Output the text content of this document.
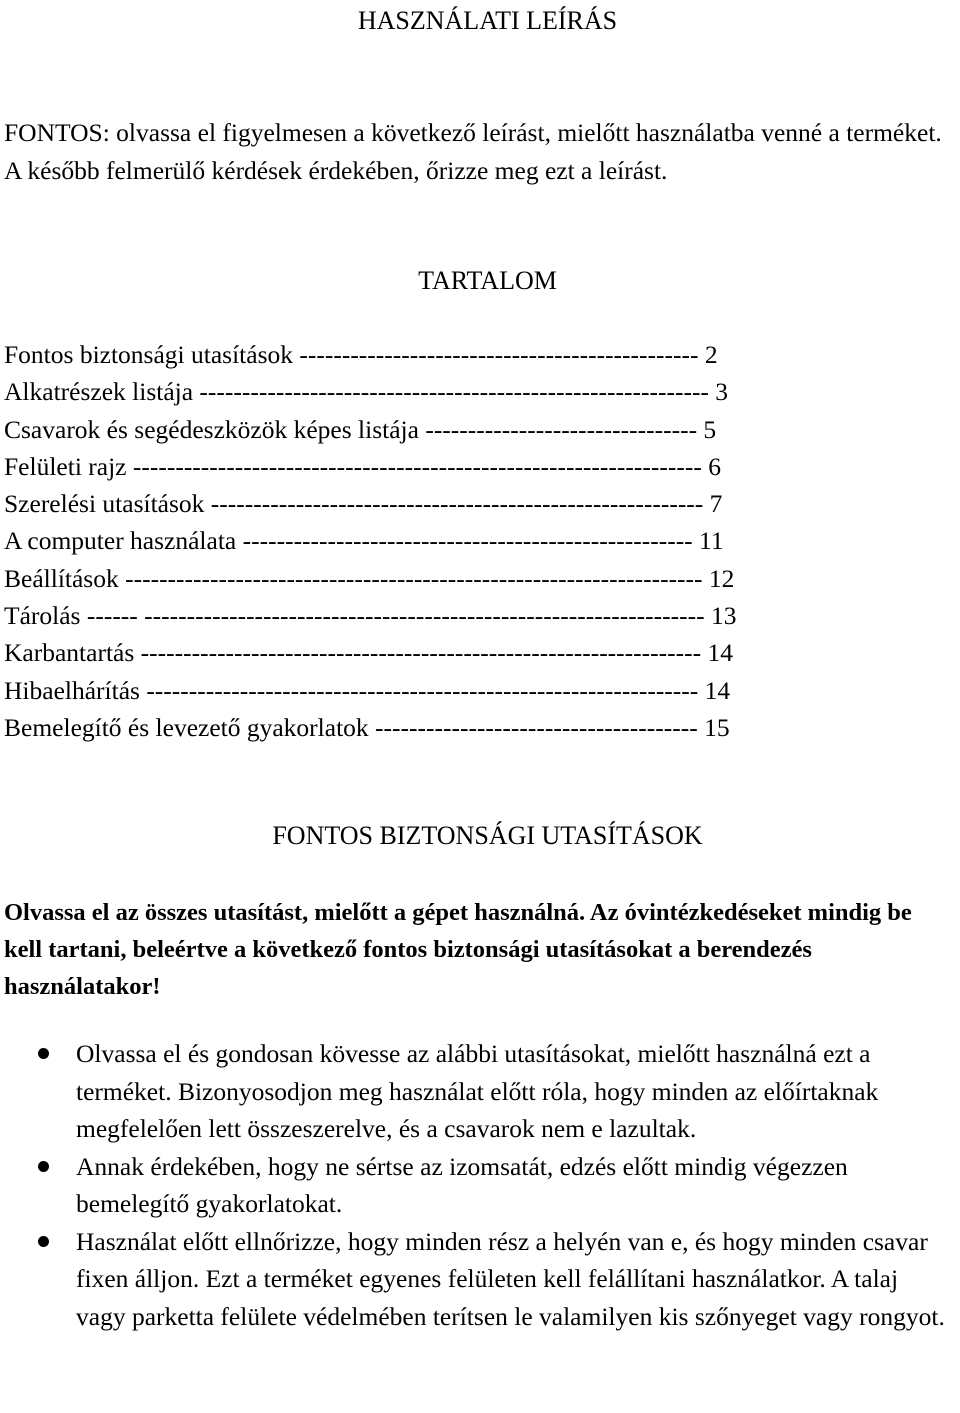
HASZNÁLATI LEÍRÁS
FONTOS: olvassa el figyelmesen a következő leírást, mielőtt használatba venné a terméket. A később felmerülő kérdések érdekében, őrizze meg ezt a leírást.
TARTALOM
Fontos biztonsági utasítások ----------------------------------------------- 2
Alkatrészek listája ------------------------------------------------------------ 3
Csavarok és segédeszközök képes listája -------------------------------- 5
Felületi rajz ------------------------------------------------------------------- 6
Szerelési utasítások ---------------------------------------------------------- 7
A computer használata ----------------------------------------------------- 11
Beállítások -------------------------------------------------------------------- 12
Tárolás ------ ------------------------------------------------------------------ 13
Karbantartás ------------------------------------------------------------------ 14
Hibaelhárítás ----------------------------------------------------------------- 14
Bemelegítő és levezető gyakorlatok -------------------------------------- 15
FONTOS BIZTONSÁGI UTASÍTÁSOK
Olvassa el az összes utasítást, mielőtt a gépet használná. Az óvintézkedéseket mindig be kell tartani, beleértve a következő fontos biztonsági utasításokat a berendezés használatakor!
Olvassa el és gondosan kövesse az alábbi utasításokat, mielőtt használná ezt a terméket. Bizonyosodjon meg használat előtt róla, hogy minden az előírtaknak megfelelően lett összeszerelve, és a csavarok nem e lazultak.
Annak érdekében, hogy ne sértse az izomsatát, edzés előtt mindig végezzen bemelegítő gyakorlatokat.
Használat előtt ellnőrizze, hogy minden rész a helyén van e, és hogy minden csavar fixen álljon. Ezt a terméket egyenes felületen kell felállítani használatkor. A talaj vagy parketta felülete védelmében terítsen le valamilyen kis szőnyeget vagy rongyot.
